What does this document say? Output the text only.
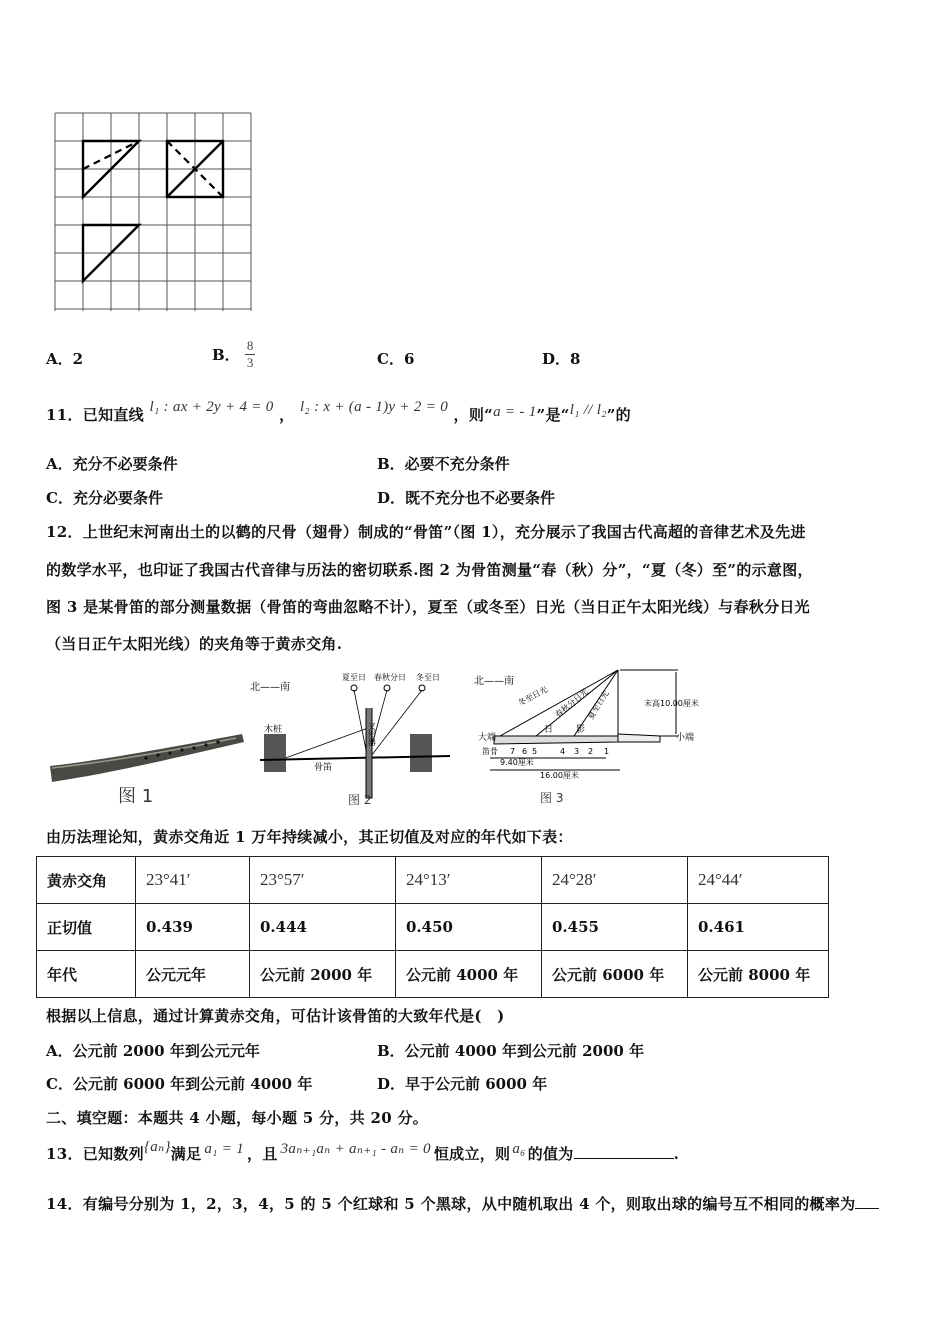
A．2	B． $\frac{8}{3}$	C．6	D．8
11．已知直线 l₁ : ax + 2y + 4 = 0 ， l₂ : x + (a - 1)y + 2 = 0 ，则“a = - 1”是“l₁ // l₂”的
A．充分不必要条件	B．必要不充分条件
C．充分必要条件	D．既不充分也不必要条件
12．上世纪末河南出土的以鹤的尺骨（翅骨）制成的“骨笛”（图 1），充分展示了我国古代高超的音律艺术及先进
的数学水平，也印证了我国古代音律与历法的密切联系.图 2 为骨笛测量“春（秋）分”，“夏（冬）至”的示意图，
图 3 是某骨笛的部分测量数据（骨笛的弯曲忽略不计），夏至（或冬至）日光（当日正午太阳光线）与春秋分日光
（当日正午太阳光线）的夹角等于黄赤交角.
图 1
北——南
夏至日 春秋分日 冬至日
木桩	叉形器
骨笛
图 2
北——南
大端	小端
末高10.00厘米
冬至日光 春秋分日光
夏至日光
日	影
笛骨 7 6 5	4 3 2 1
9.40厘米
16.00厘米
图 3
由历法理论知，黄赤交角近 1 万年持续减小，其正切值及对应的年代如下表：
黄赤交角	23°41′	23°57′	24°13′	24°28′	24°44′
正切值	0.439	0.444	0.450	0.455	0.461
年代	公元元年	公元前 2000 年	公元前 4000 年	公元前 6000 年	公元前 8000 年
根据以上信息，通过计算黄赤交角，可估计该骨笛的大致年代是(　)
A．公元前 2000 年到公元元年	B．公元前 4000 年到公元前 2000 年
C．公元前 6000 年到公元前 4000 年	D．早于公元前 6000 年
二、填空题：本题共 4 小题，每小题 5 分，共 20 分。
13．已知数列{aₙ}满足 a₁ = 1 ，且 3aₙ₊₁aₙ + aₙ₊₁ - aₙ = 0 恒成立，则 a₆ 的值为	.
14．有编号分别为 1，2，3，4，5 的 5 个红球和 5 个黑球，从中随机取出 4 个，则取出球的编号互不相同的概率为
